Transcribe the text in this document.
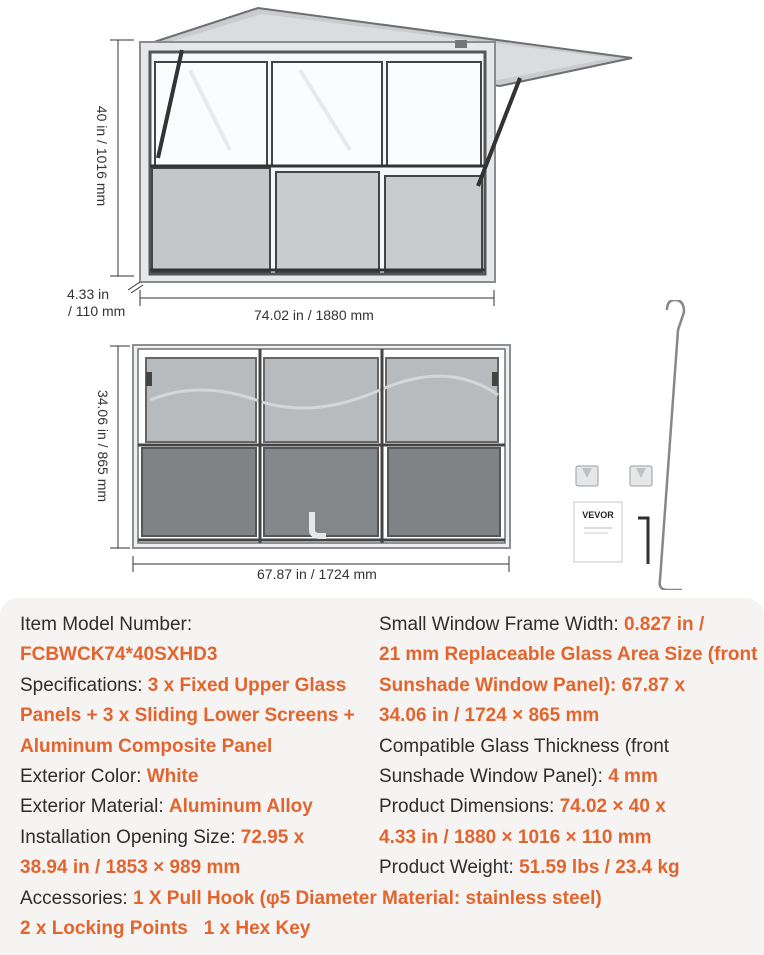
40 in / 1016 mm
4.33 in
/ 110 mm	74.02 in / 1880 mm
34.06 in / 865 mm
67.87 in / 1724 mm
VEVOR

Item Model Number:

FCBWCK74*40SXHD3

Specifications: 3 x Fixed Upper Glass

Panels + 3 x Sliding Lower Screens +

Aluminum Composite Panel

Exterior Color: White

Exterior Material: Aluminum Alloy

Installation Opening Size: 72.95 x

38.94 in / 1853 × 989 mm

Small Window Frame Width: 0.827 in /

21 mm Replaceable Glass Area Size (front

Sunshade Window Panel): 67.87 x

34.06 in / 1724 × 865 mm

Compatible Glass Thickness (front

Sunshade Window Panel): 4 mm

Product Dimensions: 74.02 × 40 x

4.33 in / 1880 × 1016 × 110 mm

Product Weight: 51.59 lbs / 23.4 kg

Accessories: 1 X Pull Hook (φ5 Diameter Material: stainless steel)

2 x Locking Points   1 x Hex Key
